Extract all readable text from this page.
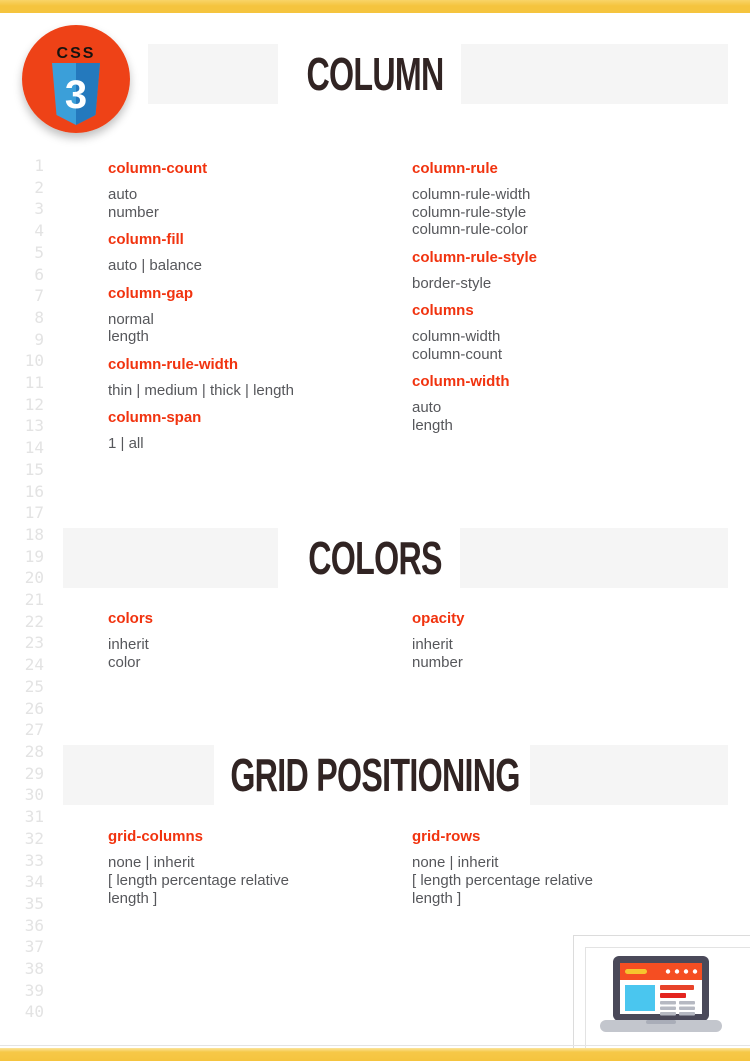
CSS
3
1
2
3
4
5
6
7
8
9
10
11
12
13
14
15
16
17
18
19
20
21
22
23
24
25
26
27
28
29
30
31
32
33
34
35
36
37
38
39
40
COLUMN
column-count
auto
number
column-fill
auto | balance
column-gap
normal
length
column-rule-width
thin | medium | thick | length
column-span
1 | all
column-rule
column-rule-width
column-rule-style
column-rule-color
column-rule-style
border-style
columns
column-width
column-count
column-width
auto
length
COLORS
colors
inherit
color
opacity
inherit
number
GRID POSITIONING
grid-columns
none | inherit
[ length percentage relative
length ]
grid-rows
none | inherit
[ length percentage relative
length ]
